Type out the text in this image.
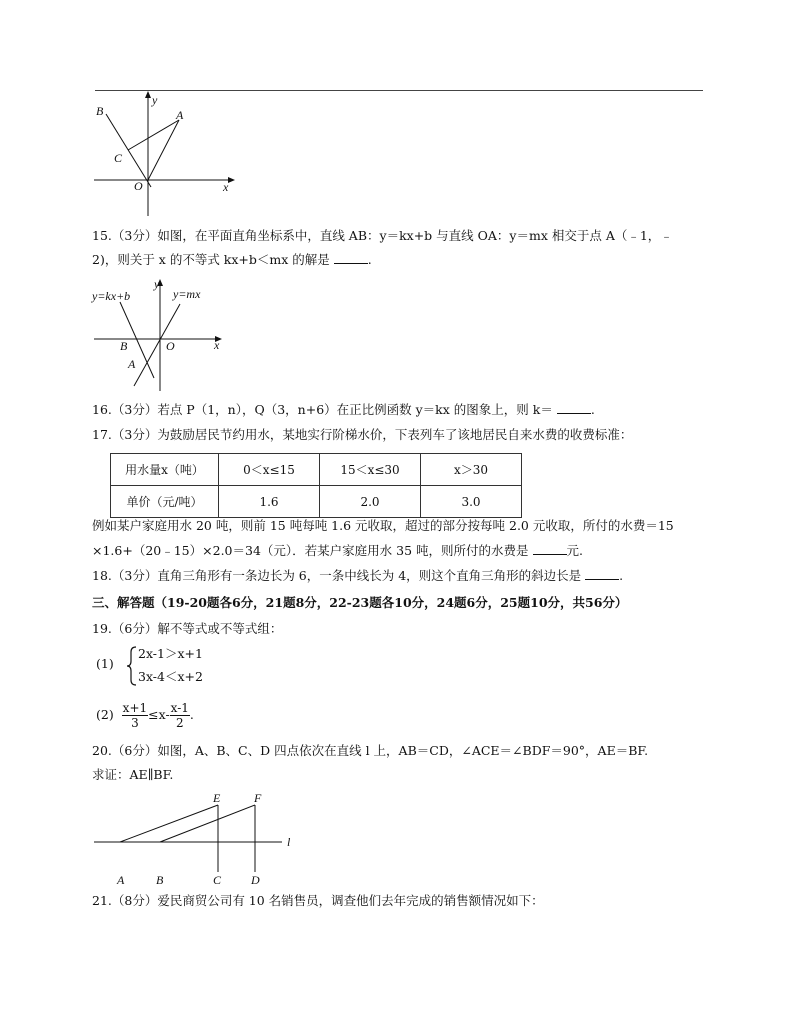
B
y
A
C
O	x
15.（3分）如图，在平面直角坐标系中，直线 AB：y＝kx+b 与直线 OA：y＝mx 相交于点 A（﹣1，﹣
2)，则关于 x 的不等式 kx+b＜mx 的解是	.
y=kx+b
y
y=mx
x
B	O
A
16.（3分）若点 P（1，n），Q（3，n+6）在正比例函数 y＝kx 的图象上，则 k＝	.
17.（3分）为鼓励居民节约用水，某地实行阶梯水价，下表列车了该地居民自来水费的收费标准：
用水量x（吨）	0＜x≤15	15＜x≤30	x＞30
单价（元/吨）	1.6	2.0	3.0
例如某户家庭用水 20 吨，则前 15 吨每吨 1.6 元收取，超过的部分按每吨 2.0 元收取，所付的水费＝15
×1.6+（20﹣15）×2.0＝34（元）．若某户家庭用水 35 吨，则所付的水费是	元.
18.（3分）直角三角形有一条边长为 6，一条中线长为 4，则这个直角三角形的斜边长是	.
三、解答题（19-20题各6分，21题8分，22-23题各10分，24题6分，25题10分，共56分）
19.（6分）解不等式或不等式组：
(1)
2x-1＞x+1
3x-4＜x+2
$(2) \frac{x+1}{3} \le x- \frac{x-1}{2}$ .
20.（6分）如图，A、B、C、D 四点依次在直线 l 上，AB＝CD，∠ACE＝∠BDF＝90°，AE＝BF.
求证：AE∥BF.
E	F
l
A	B	C D
21.（8分）爱民商贸公司有 10 名销售员，调查他们去年完成的销售额情况如下：
